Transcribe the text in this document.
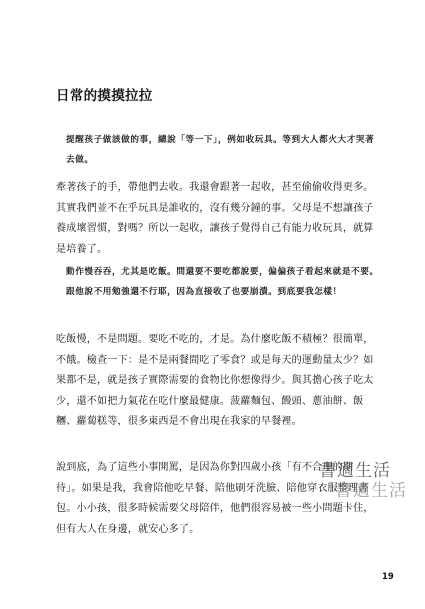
日常的摸摸拉拉

提醒孩子做該做的事，總說「等一下」，例如收玩具。等到大人都火大才哭著去做。

牽著孩子的手，帶他們去收。我還會跟著一起收，甚至偷偷收得更多。其實我們並不在乎玩具是誰收的，沒有幾分鐘的事。父母是不想讓孩子養成壞習慣，對嗎？所以一起收，讓孩子覺得自己有能力收玩具，就算是培養了。

動作慢吞吞，尤其是吃飯。問還要不要吃都說要，偏偏孩子看起來就是不要。跟他說不用勉強還不行耶，因為直接收了也要崩潰。到底要我怎樣！

吃飯慢，不是問題。要吃不吃的，才是。為什麼吃飯不積極？很簡單，不餓。檢查一下：是不是兩餐間吃了零食？或是每天的運動量太少？如果都不是，就是孩子實際需要的食物比你想像得少。與其擔心孩子吃太少，還不如把力氣花在吃什麼最健康。菠蘿麵包、饅頭、蔥油餅、飯糰、蘿蔔糕等，很多東西是不會出現在我家的早餐裡。

說到底，為了這些小事開罵，是因為你對四歲小孩「有不合理的期待」。如果是我，我會陪他吃早餐、陪他刷牙洗臉、陪他穿衣服整理書包。小小孩，很多時候需要父母陪伴，他們很容易被一些小問題卡住，但有大人在身邊，就安心多了。

書適生活
書適生活

19
